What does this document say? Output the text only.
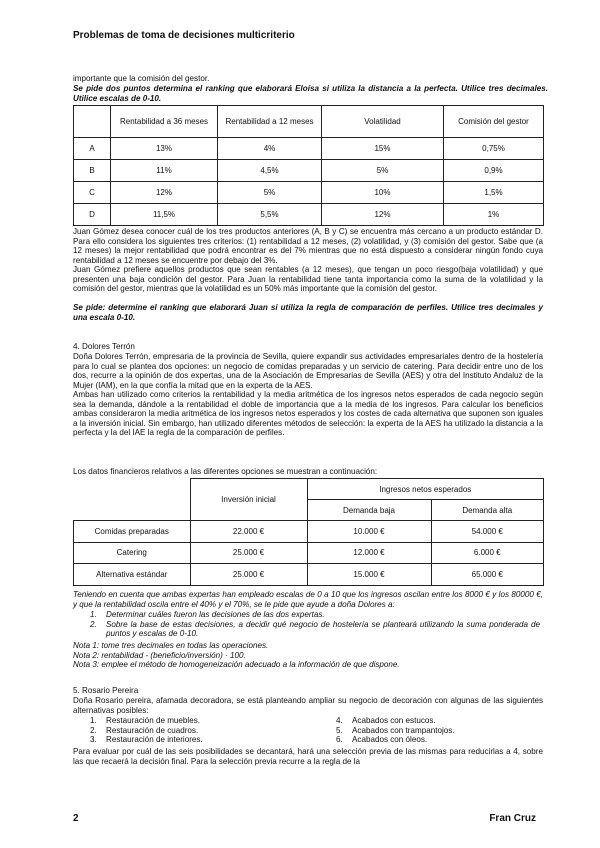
Problemas de toma de decisiones multicriterio

importante que la comisión del gestor.

Se pide dos puntos determina el ranking que elaborará Eloísa si utiliza la distancia a la perfecta. Utilice tres decimales. Utilice escalas de 0-10.

	Rentabilidad a 36 meses	Rentabilidad a 12 meses	Volatilidad	Comisión del gestor
A	13%	4%	15%	0,75%
B	11%	4,5%	5%	0,9%
C	12%	5%	10%	1,5%
D	11,5%	5,5%	12%	1%

Juan Gómez desea conocer cuál de los tres productos anteriores (A, B y C) se encuentra más cercano a un producto estándar D. Para ello considera los siguientes tres criterios: (1) rentabilidad a 12 meses, (2) volatilidad, y (3) comisión del gestor. Sabe que (a 12 meses) la mejor rentabilidad que podrá encontrar es del 7% mientras que no está dispuesto a considerar ningún fondo cuya rentabilidad a 12 meses se encuentre por debajo del 3%.

Juan Gómez prefiere aquellos productos que sean rentables (a 12 meses), que tengan un poco riesgo(baja volatilidad) y que presenten una baja condición del gestor. Para Juan la rentabilidad tiene tanta importancia como la suma de la volatilidad y la comisión del gestor, mientras que la volatilidad es un 50% más importante que la comisión del gestor.

Se pide: determine el ranking que elaborará Juan si utiliza la regla de comparación de perfiles. Utilice tres decimales y una escala 0-10.

4. Dolores Terrón

Doña Dolores Terrón, empresaria de la provincia de Sevilla, quiere expandir sus actividades empresariales dentro de la hostelería para lo cual se plantea dos opciones: un negocio de comidas preparadas y un servicio de catering. Para decidir entre uno de los dos, recurre a la opinión de dos expertas, una de la Asociación de Empresarias de Sevilla (AES) y otra del Instituto Andaluz de la Mujer (IAM), en la que confía la mitad que en la experta de la AES.

Ambas han utilizado como criterios la rentabilidad y la media aritmética de los ingresos netos esperados de cada negocio según sea la demanda, dándole a la rentabilidad el doble de importancia que a la media de los ingresos. Para calcular los beneficios ambas consideraron la media aritmética de los ingresos netos esperados y los costes de cada alternativa que suponen son iguales a la inversión inicial. Sin embargo, han utilizado diferentes métodos de selección: la experta de la AES ha utilizado la distancia a la perfecta y la del IAE la regla de la comparación de perfiles.

Los datos financieros relativos a las diferentes opciones se muestran a continuación:

	Inversión inicial	Ingresos netos esperados	
		Demanda baja	Demanda alta
Comidas preparadas	22.000 €	10.000 €	54.000 €
Catering	25.000 €	12.000 €	6.000 €
Alternativa estándar	25.000 €	15.000 €	65.000 €

Teniendo en cuenta que ambas expertas han empleado escalas de 0 a 10 que los ingresos oscilan entre los 8000 € y los 80000 €, y que la rentabilidad oscila entre el 40% y el 70%, se le pide que ayude a doña Dolores a:

1.	Determinar cuáles fueron las decisiones de las dos expertas.
2.	Sobre la base de estas decisiones, a decidir qué negocio de hostelería se planteará utilizando la suma ponderada de puntos y escalas de 0-10.
Nota 1: tome tres decimales en todas las operaciones.
Nota 2: rentabilidad - (beneficio/inversión) · 100.
Nota 3: emplee el método de homogeneización adecuado a la información de que dispone.

5. Rosario Pereira

Doña Rosario pereira, afamada decoradora, se está planteando ampliar su negocio de decoración con algunas de las siguientes alternativas posibles:

1.	Restauración de muebles.
2.	Restauración de cuadros.
3.	Restauración de interiores.
4.	Acabados con estucos.
5.	Acabados con trampantojos.
6.	Acabados con óleos.

Para evaluar por cuál de las seis posibilidades se decantará, hará una selección previa de las mismas para reducirlas a 4, sobre las que recaerá la decisión final. Para la selección previa recurre a la regla de la

2	Fran Cruz
